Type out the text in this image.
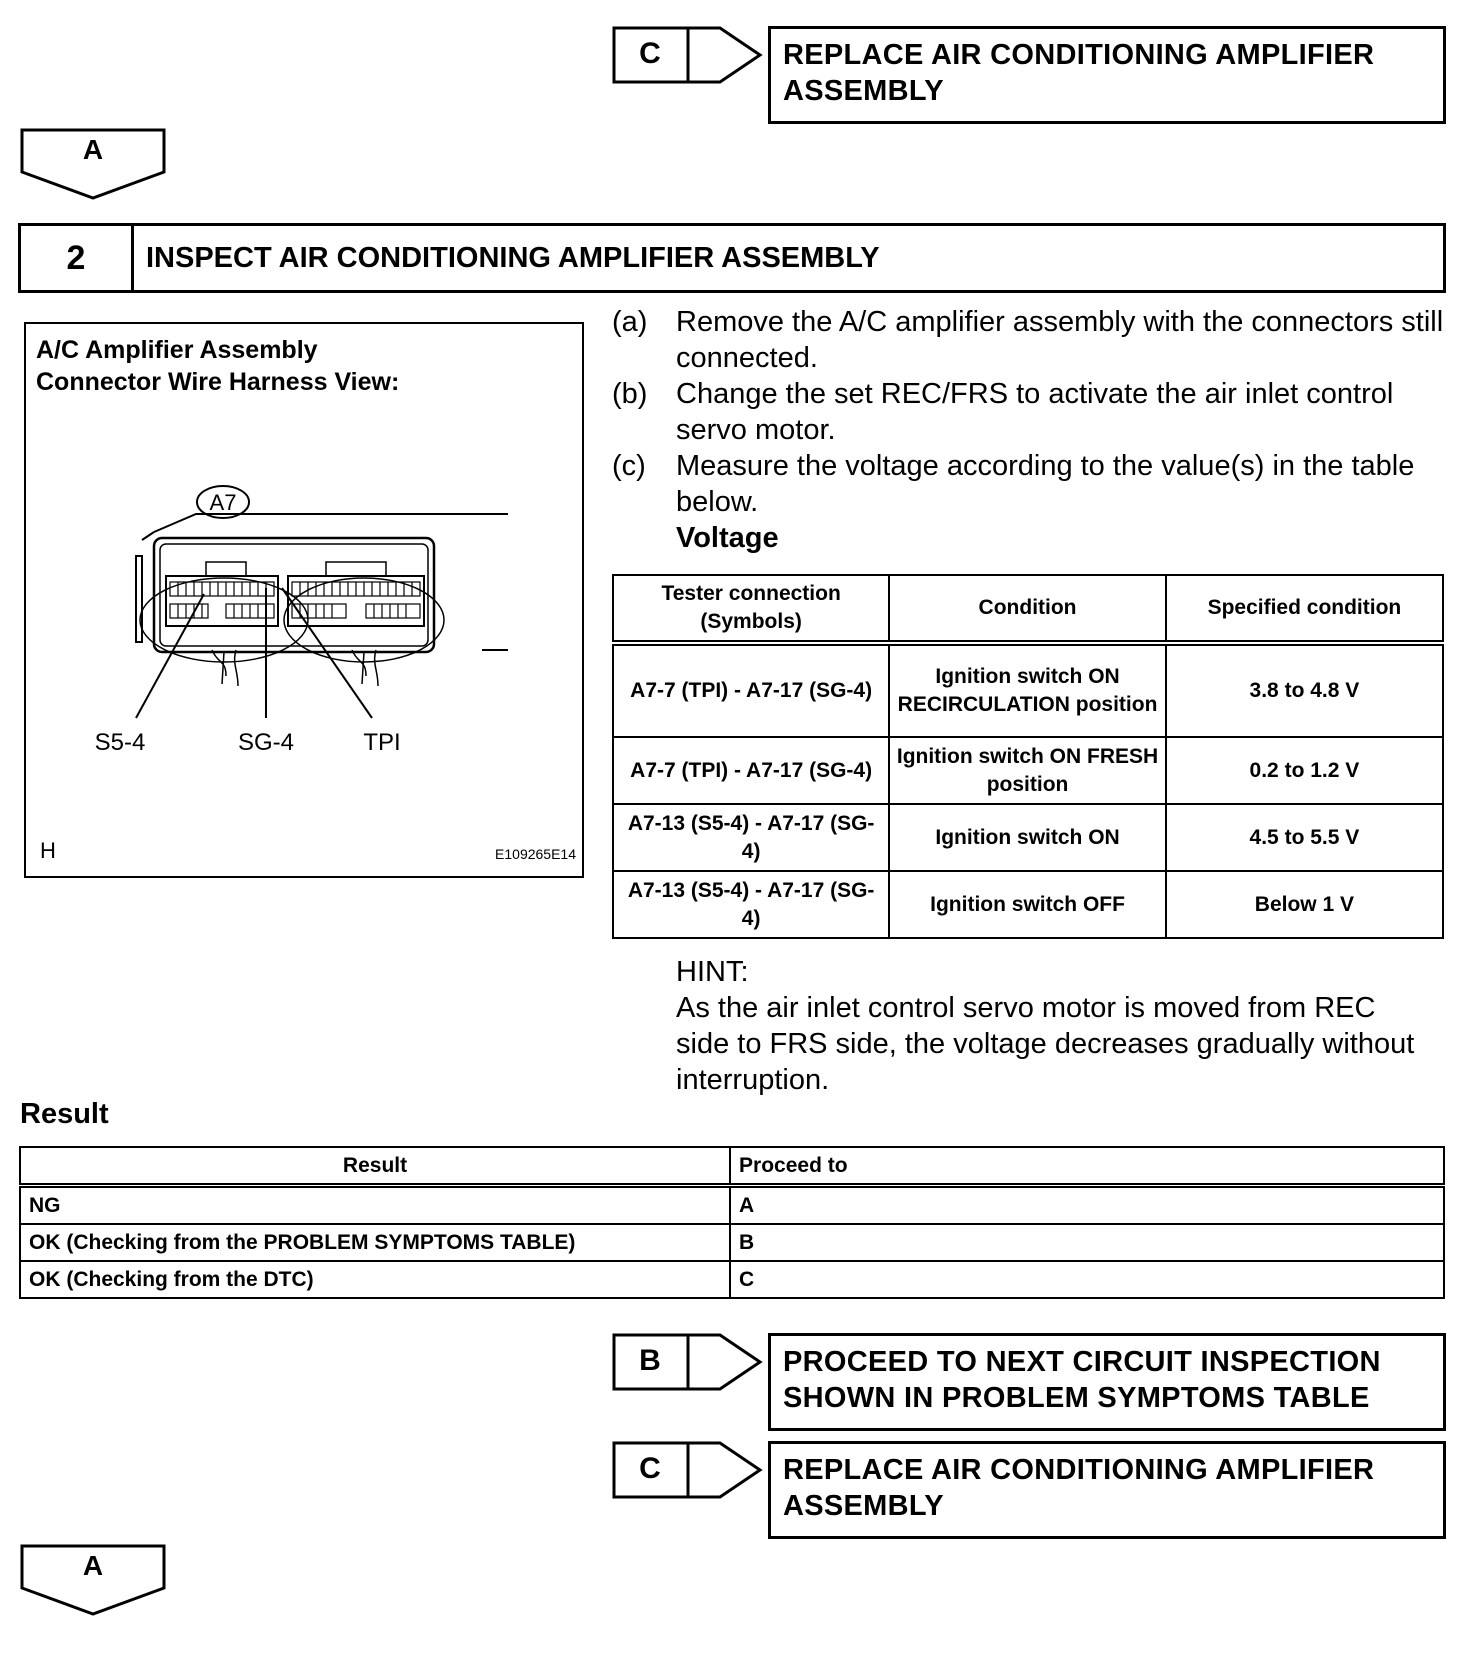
C	REPLACE AIR CONDITIONING AMPLIFIER ASSEMBLY
A
2	INSPECT AIR CONDITIONING AMPLIFIER ASSEMBLY
A/C Amplifier Assembly
Connector Wire Harness View:
A7
S5-4	SG-4	TPI
H	E109265E14
(a) Remove the A/C amplifier assembly with the connectors still connected.
(b) Change the set REC/FRS to activate the air inlet control servo motor.
(c)	Measure the voltage according to the value(s) in the table below.
Voltage
Tester connection (Symbols)	Condition	Specified condition
A7-7 (TPI) - A7-17 (SG-4)	Ignition switch ON RECIRCULATION position	3.8 to 4.8 V
A7-7 (TPI) - A7-17 (SG-4)	Ignition switch ON FRESH position	0.2 to 1.2 V
A7-13 (S5-4) - A7-17 (SG-4)	Ignition switch ON	4.5 to 5.5 V
A7-13 (S5-4) - A7-17 (SG-4)	Ignition switch OFF	Below 1 V
HINT:
As the air inlet control servo motor is moved from REC side to FRS side, the voltage decreases gradually without interruption.
Result
Result	Proceed to
NG	A
OK (Checking from the PROBLEM SYMPTOMS TABLE)	B
OK (Checking from the DTC)	C
B	PROCEED TO NEXT CIRCUIT INSPECTION
SHOWN IN PROBLEM SYMPTOMS TABLE
C	REPLACE AIR CONDITIONING AMPLIFIER
ASSEMBLY
A
